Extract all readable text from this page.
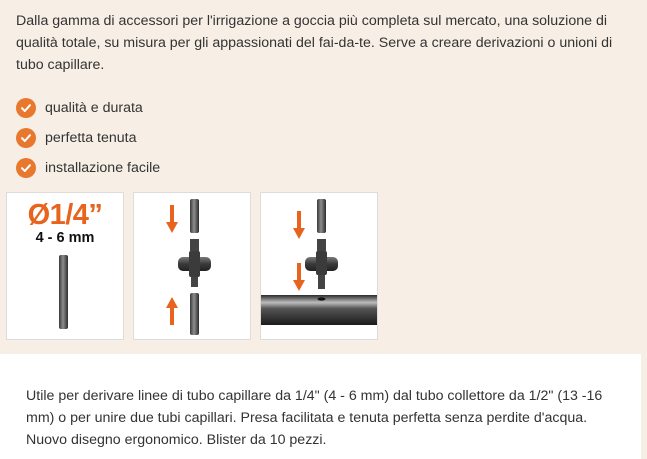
Dalla gamma di accessori per l'irrigazione a goccia più completa sul mercato, una soluzione di qualità totale, su misura per gli appassionati del fai-da-te. Serve a creare derivazioni o unioni di tubo capillare.

qualità e durata
perfetta tenuta
installazione facile
Ø1/4”
4 - 6 mm

Utile per derivare linee di tubo capillare da 1/4" (4 - 6 mm) dal tubo collettore da 1/2" (13 -16 mm) o per unire due tubi capillari. Presa facilitata e tenuta perfetta senza perdite d'acqua. Nuovo disegno ergonomico. Blister da 10 pezzi.
